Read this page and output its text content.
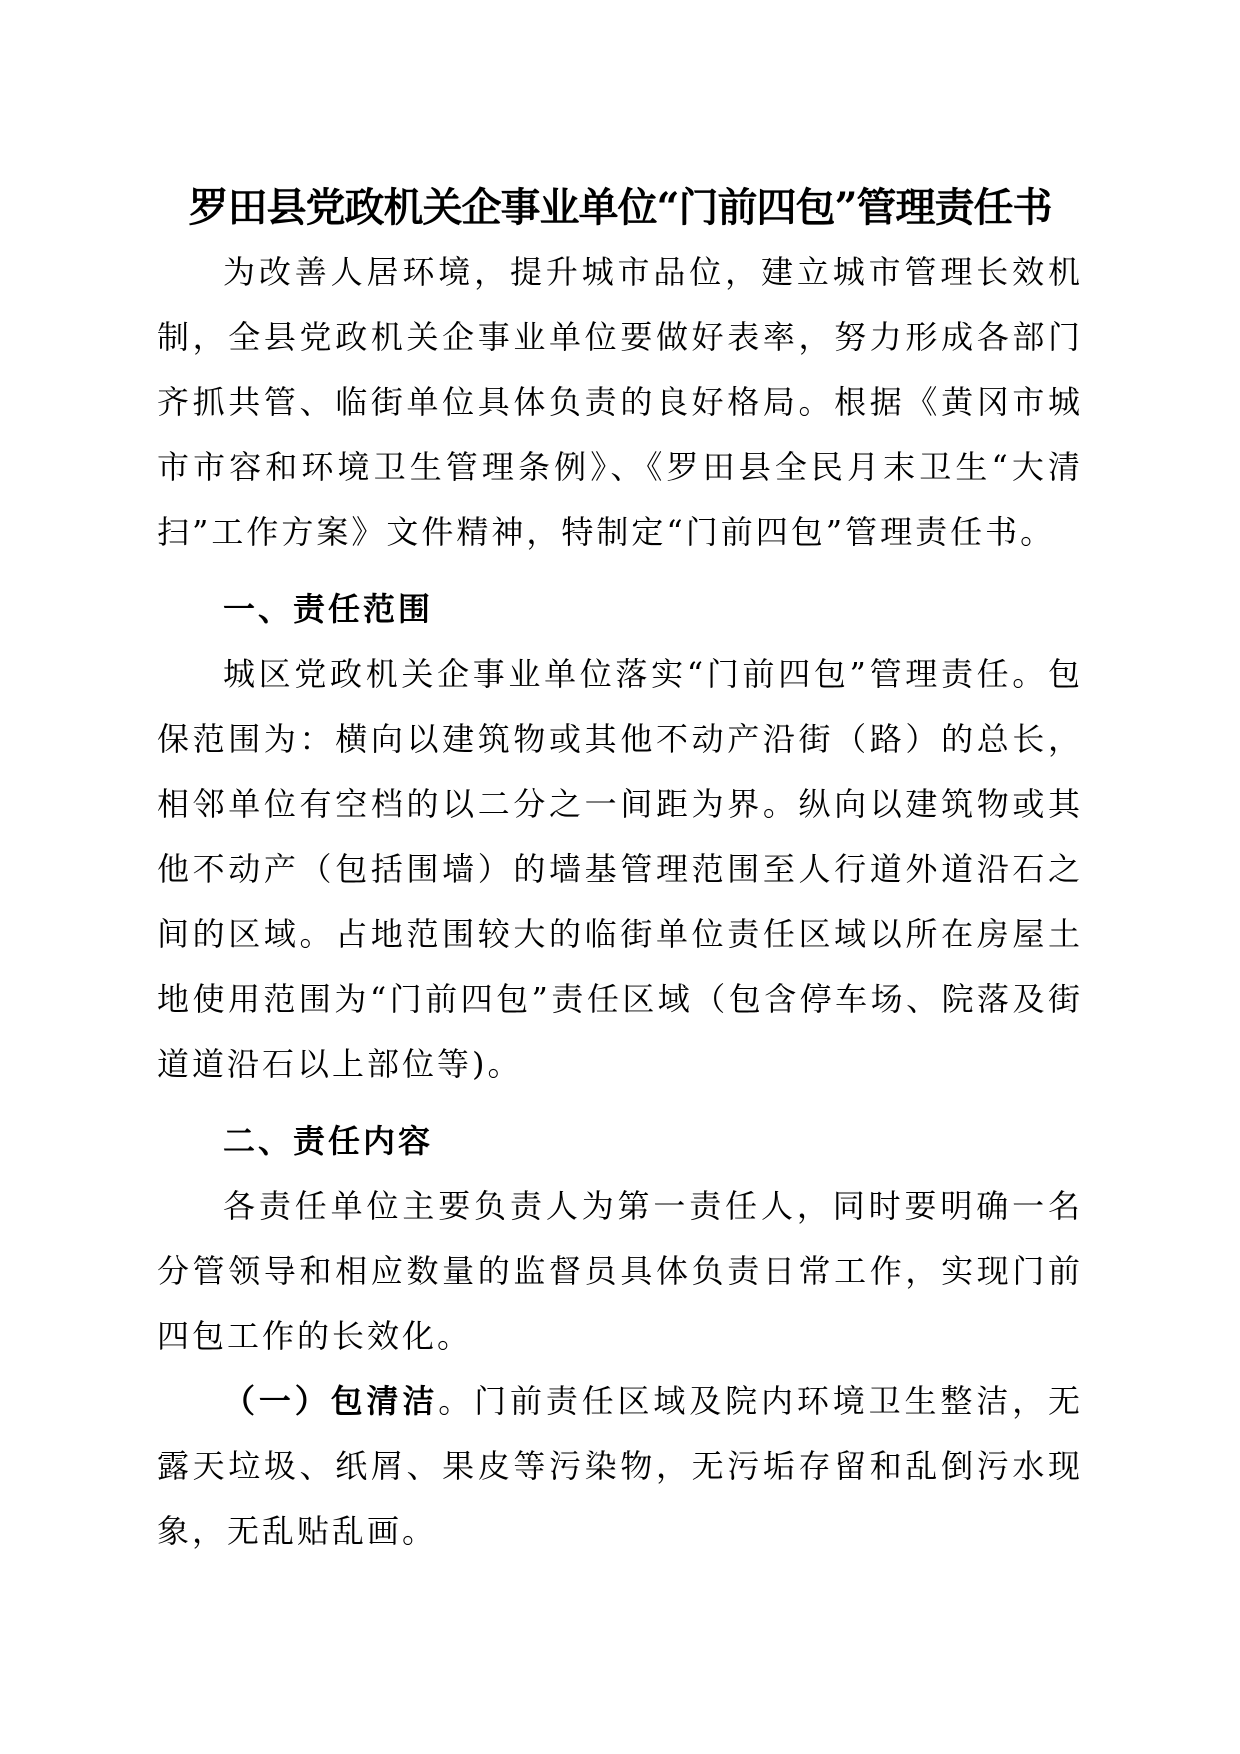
罗田县党政机关企事业单位“门前四包”管理责任书

为改善人居环境，提升城市品位，建立城市管理长效机制，全县党政机关企事业单位要做好表率，努力形成各部门齐抓共管、临街单位具体负责的良好格局。根据《黄冈市城市市容和环境卫生管理条例》、《罗田县全民月末卫生“大清扫”工作方案》文件精神，特制定“门前四包”管理责任书。

一、责任范围

城区党政机关企事业单位落实“门前四包”管理责任。包保范围为：横向以建筑物或其他不动产沿街（路）的总长，相邻单位有空档的以二分之一间距为界。纵向以建筑物或其他不动产（包括围墙）的墙基管理范围至人行道外道沿石之间的区域。占地范围较大的临街单位责任区域以所在房屋土地使用范围为“门前四包”责任区域（包含停车场、院落及街道道沿石以上部位等)。

二、责任内容

各责任单位主要负责人为第一责任人，同时要明确一名分管领导和相应数量的监督员具体负责日常工作，实现门前四包工作的长效化。

（一）包清洁。门前责任区域及院内环境卫生整洁，无露天垃圾、纸屑、果皮等污染物，无污垢存留和乱倒污水现象，无乱贴乱画。
